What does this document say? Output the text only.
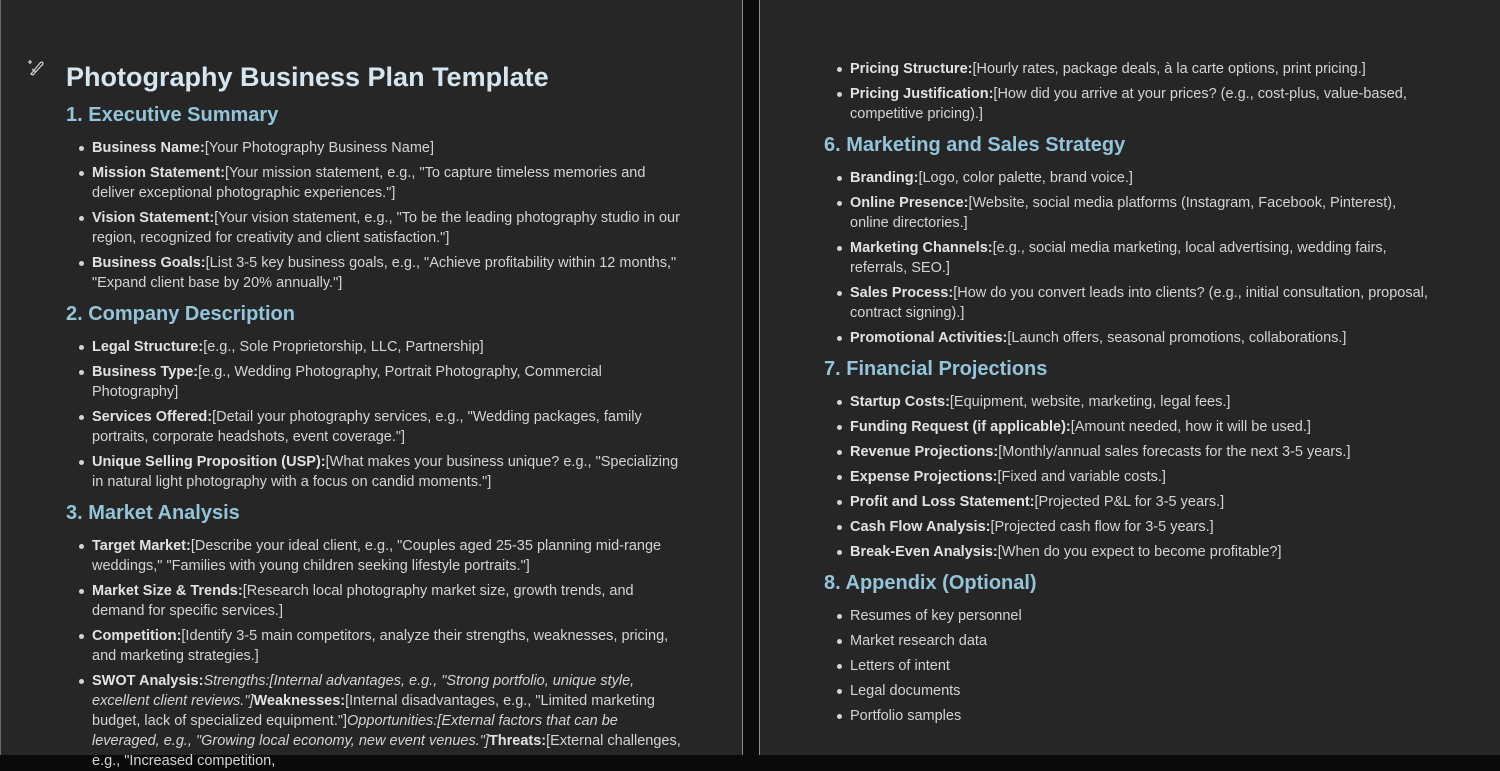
Photography Business Plan Template
1. Executive Summary
Business Name:[Your Photography Business Name]
Mission Statement:[Your mission statement, e.g., "To capture timeless memories and deliver exceptional photographic experiences."]
Vision Statement:[Your vision statement, e.g., "To be the leading photography studio in our region, recognized for creativity and client satisfaction."]
Business Goals:[List 3-5 key business goals, e.g., "Achieve profitability within 12 months," "Expand client base by 20% annually."]
2. Company Description
Legal Structure:[e.g., Sole Proprietorship, LLC, Partnership]
Business Type:[e.g., Wedding Photography, Portrait Photography, Commercial Photography]
Services Offered:[Detail your photography services, e.g., "Wedding packages, family portraits, corporate headshots, event coverage."]
Unique Selling Proposition (USP):[What makes your business unique? e.g., "Specializing in natural light photography with a focus on candid moments."]
3. Market Analysis
Target Market:[Describe your ideal client, e.g., "Couples aged 25-35 planning mid-range weddings," "Families with young children seeking lifestyle portraits."]
Market Size & Trends:[Research local photography market size, growth trends, and demand for specific services.]
Competition:[Identify 3-5 main competitors, analyze their strengths, weaknesses, pricing, and marketing strategies.]
SWOT Analysis:Strengths:[Internal advantages, e.g., "Strong portfolio, unique style, excellent client reviews."]Weaknesses:[Internal disadvantages, e.g., "Limited marketing budget, lack of specialized equipment."]Opportunities:[External factors that can be leveraged, e.g., "Growing local economy, new event venues."]Threats:[External challenges, e.g., "Increased competition,
Pricing Structure:[Hourly rates, package deals, à la carte options, print pricing.]
Pricing Justification:[How did you arrive at your prices? (e.g., cost-plus, value-based, competitive pricing).]
6. Marketing and Sales Strategy
Branding:[Logo, color palette, brand voice.]
Online Presence:[Website, social media platforms (Instagram, Facebook, Pinterest), online directories.]
Marketing Channels:[e.g., social media marketing, local advertising, wedding fairs, referrals, SEO.]
Sales Process:[How do you convert leads into clients? (e.g., initial consultation, proposal, contract signing).]
Promotional Activities:[Launch offers, seasonal promotions, collaborations.]
7. Financial Projections
Startup Costs:[Equipment, website, marketing, legal fees.]
Funding Request (if applicable):[Amount needed, how it will be used.]
Revenue Projections:[Monthly/annual sales forecasts for the next 3-5 years.]
Expense Projections:[Fixed and variable costs.]
Profit and Loss Statement:[Projected P&L for 3-5 years.]
Cash Flow Analysis:[Projected cash flow for 3-5 years.]
Break-Even Analysis:[When do you expect to become profitable?]
8. Appendix (Optional)
Resumes of key personnel
Market research data
Letters of intent
Legal documents
Portfolio samples
